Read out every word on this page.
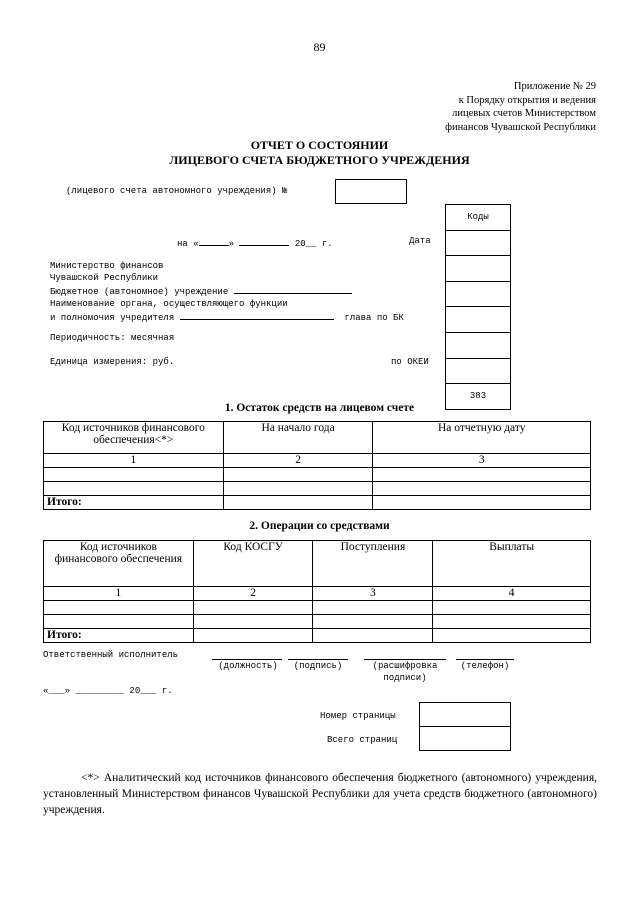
89
Приложение № 29
к Порядку открытия и ведения
лицевых счетов Министерством
финансов Чувашской Республики
ОТЧЕТ О СОСТОЯНИИ
ЛИЦЕВОГО СЧЕТА БЮДЖЕТНОГО УЧРЕЖДЕНИЯ
(лицевого счета автономного учреждения) №
Коды

383
на «	»	20__ г.	Дата
Министерство финансов
Чувашской Республики
Бюджетное (автономное) учреждение
Наименование органа, осуществляющего функции
и полномочия учредителя	глава по БК
Периодичность: месячная
Единица измерения: руб.	по ОКЕИ
1. Остаток средств на лицевом счете
Код источников финансового обеспечения<*>	На начало года	На отчетную дату
1	2	3

Итого:		
2. Операции со средствами
Код источников финансового обеспечения	Код КОСГУ	Поступления	Выплаты
1	2	3	4

Итого:			
Ответственный исполнитель
(должность)	(подпись)	(расшифровка
подписи)
(телефон)
«___» _________ 20___ г.
Номер страницы
Всего страниц
<*> Аналитический код источников финансового обеспечения бюджетного (автономного) учреждения, установленный Министерством финансов Чувашской Республики для учета средств бюджетного (автономного) учреждения.
